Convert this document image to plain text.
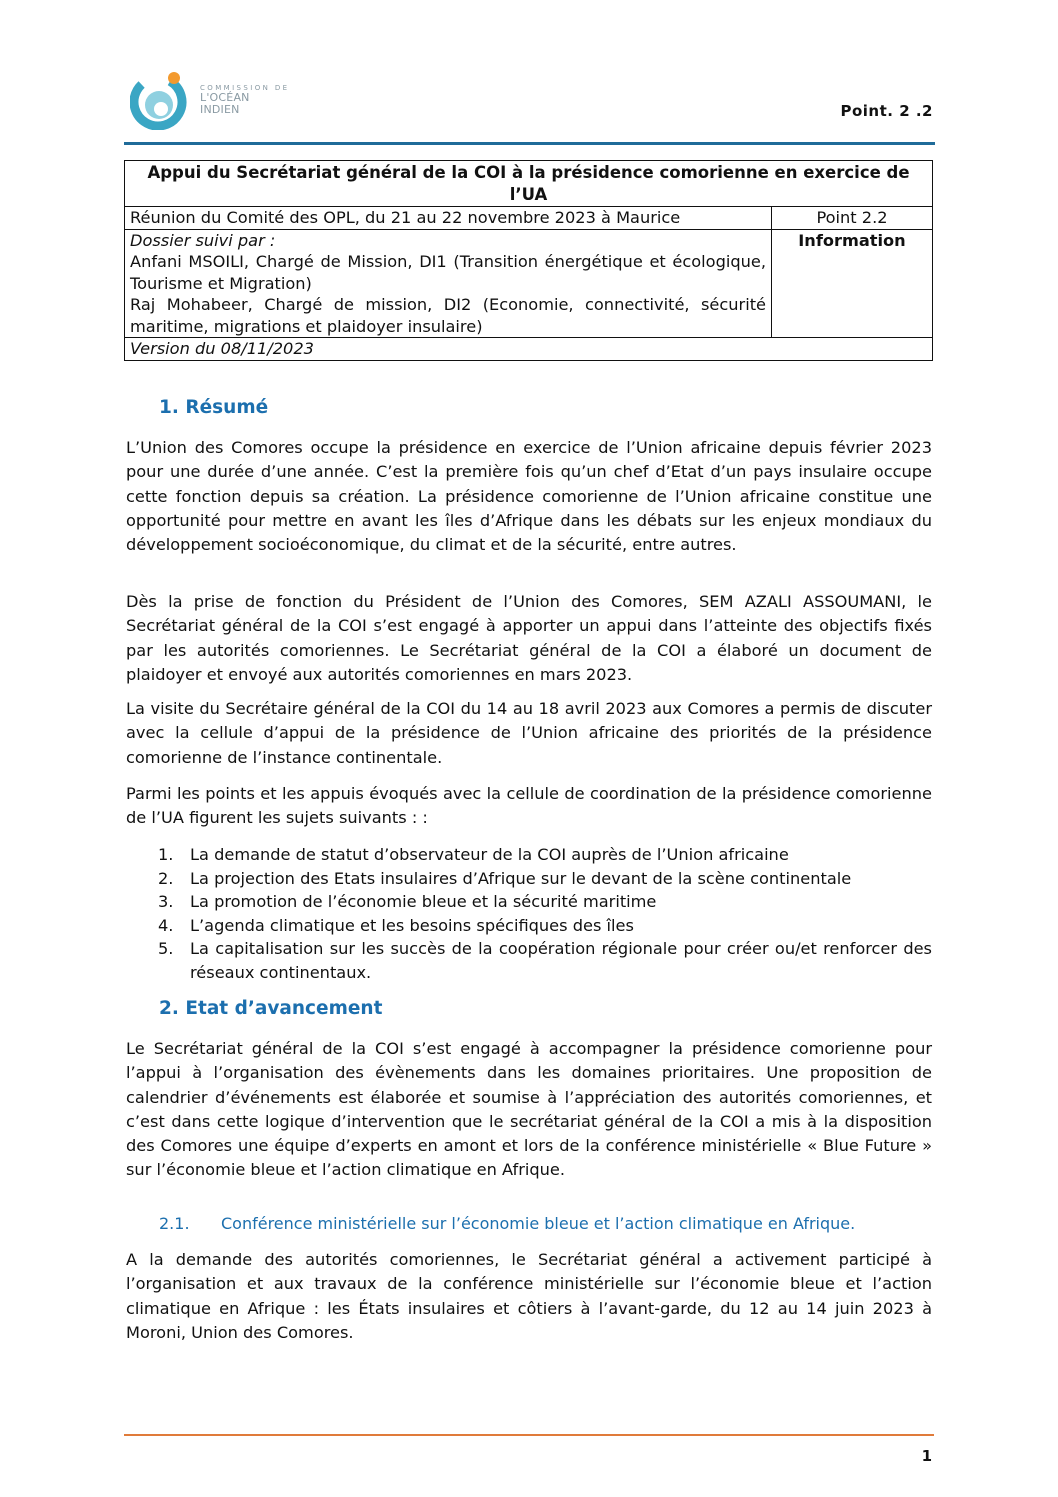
COMMISSION DE
L'OCÉAN INDIEN	Point. 2 .2
Appui du Secrétariat général de la COI à la présidence comorienne en exercice de l’UA	
Réunion du Comité des OPL, du 21 au 22 novembre 2023 à Maurice	Point 2.2

Dossier suivi par :
Anfani MSOILI, Chargé de Mission, DI1 (Transition énergétique et écologique, Tourisme et Migration)
Raj Mohabeer, Chargé de mission, DI2 (Economie, connectivité, sécurité maritime, migrations et plaidoyer insulaire)	Information
Version du 08/11/2023	
1. Résumé

L’Union des Comores occupe la présidence en exercice de l’Union africaine depuis février 2023 pour une durée d’une année. C’est la première fois qu’un chef d’Etat d’un pays insulaire occupe cette fonction depuis sa création. La présidence comorienne de l’Union africaine constitue une opportunité pour mettre en avant les îles d’Afrique dans les débats sur les enjeux mondiaux du développement socioéconomique, du climat et de la sécurité, entre autres.

Dès la prise de fonction du Président de l’Union des Comores, SEM AZALI ASSOUMANI, le Secrétariat général de la COI s’est engagé à apporter un appui dans l’atteinte des objectifs fixés par les autorités comoriennes. Le Secrétariat général de la COI a élaboré un document de plaidoyer et envoyé aux autorités comoriennes en mars 2023.

La visite du Secrétaire général de la COI du 14 au 18 avril 2023 aux Comores a permis de discuter avec la cellule d’appui de la présidence de l’Union africaine des priorités de la présidence comorienne de l’instance continentale.

Parmi les points et les appuis évoqués avec la cellule de coordination de la présidence comorienne de l’UA figurent les sujets suivants : :

1. La demande de statut d’observateur de la COI auprès de l’Union africaine
2. La projection des Etats insulaires d’Afrique sur le devant de la scène continentale
3. La promotion de l’économie bleue et la sécurité maritime
4. L’agenda climatique et les besoins spécifiques des îles
5. La capitalisation sur les succès de la coopération régionale pour créer ou/et renforcer des réseaux continentaux.
2. Etat d’avancement

Le Secrétariat général de la COI s’est engagé à accompagner la présidence comorienne pour l’appui à l’organisation des évènements dans les domaines prioritaires. Une proposition de calendrier d’événements est élaborée et soumise à l’appréciation des autorités comoriennes, et c’est dans cette logique d’intervention que le secrétariat général de la COI a mis à la disposition des Comores une équipe d’experts en amont et lors de la conférence ministérielle « Blue Future » sur l’économie bleue et l’action climatique en Afrique.

2.1. Conférence ministérielle sur l’économie bleue et l’action climatique en Afrique.

A la demande des autorités comoriennes, le Secrétariat général a activement participé à l’organisation et aux travaux de la conférence ministérielle sur l’économie bleue et l’action climatique en Afrique : les États insulaires et côtiers à l’avant-garde, du 12 au 14 juin 2023 à Moroni, Union des Comores.

1
